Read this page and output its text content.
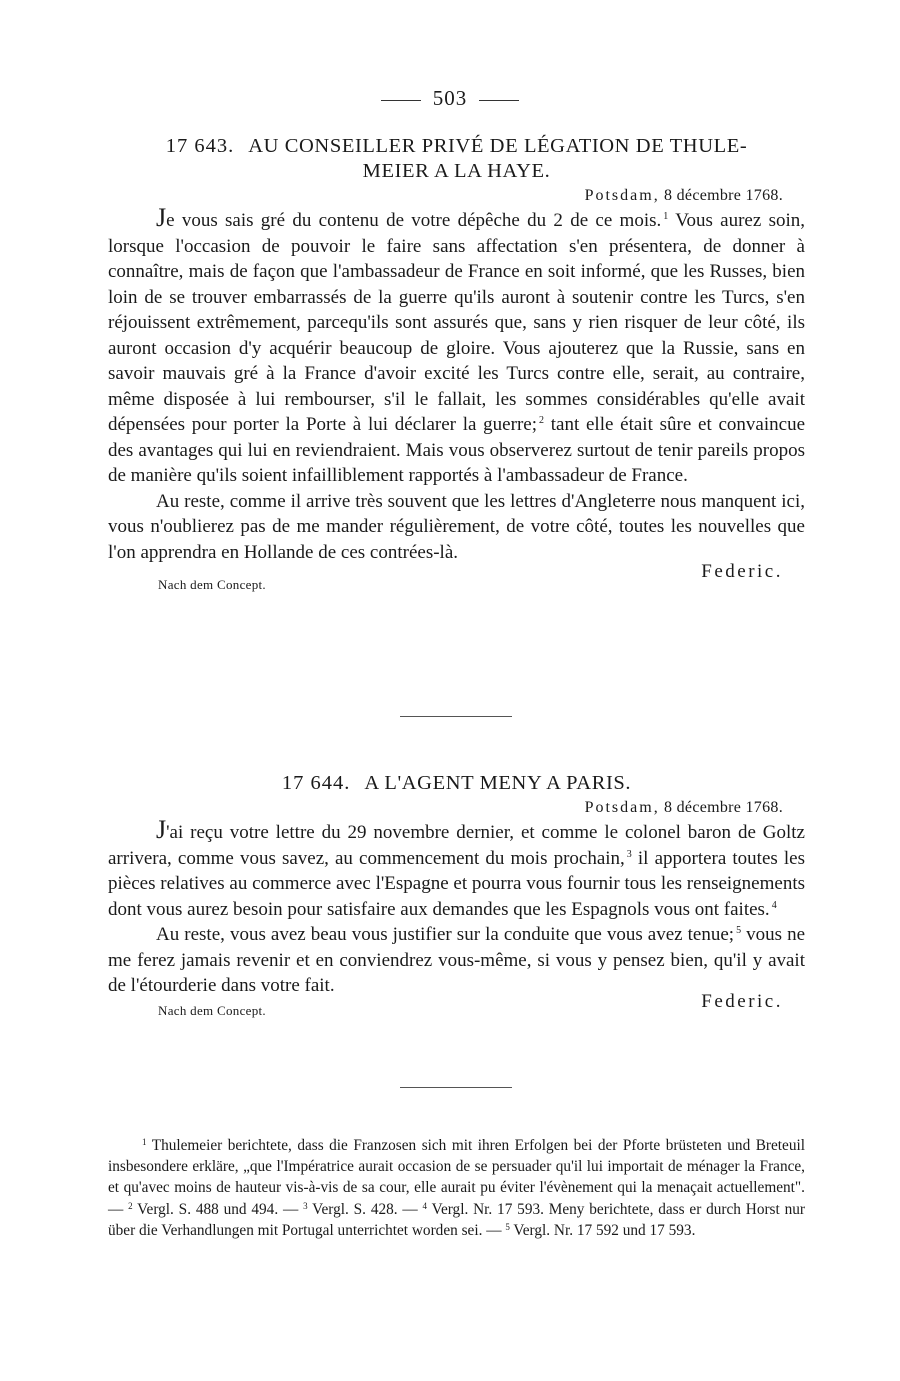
503

17 643. AU CONSEILLER PRIVÉ DE LÉGATION DE THULE-
MEIER A LA HAYE.

Potsdam, 8 décembre 1768.

Je vous sais gré du contenu de votre dépêche du 2 de ce mois. $^1$ Vous aurez soin, lorsque l'occasion de pouvoir le faire sans affectation s'en présentera, de donner à connaître, mais de façon que l'ambassadeur de France en soit informé, que les Russes, bien loin de se trouver embarrassés de la guerre qu'ils auront à soutenir contre les Turcs, s'en réjouissent extrêmement, parcequ'ils sont assurés que, sans y rien risquer de leur côté, ils auront occasion d'y acquérir beaucoup de gloire. Vous ajouterez que la Russie, sans en savoir mauvais gré à la France d'avoir excité les Turcs contre elle, serait, au contraire, même disposée à lui rembourser, s'il le fallait, les sommes considérables qu'elle avait dépensées pour porter la Porte à lui déclarer la guerre; $^2$ tant elle était sûre et convaincue des avantages qui lui en reviendraient. Mais vous observerez surtout de tenir pareils propos de manière qu'ils soient infailliblement rapportés à l'ambassadeur de France.

Au reste, comme il arrive très souvent que les lettres d'Angleterre nous manquent ici, vous n'oublierez pas de me mander régulièrement, de votre côté, toutes les nouvelles que l'on apprendra en Hollande de ces contrées-là.

Federic.
Nach dem Concept.

17 644. A L'AGENT MENY A PARIS.

Potsdam, 8 décembre 1768.

J'ai reçu votre lettre du 29 novembre dernier, et comme le colonel baron de Goltz arrivera, comme vous savez, au commencement du mois prochain, $^3$ il apportera toutes les pièces relatives au commerce avec l'Espagne et pourra vous fournir tous les renseignements dont vous aurez besoin pour satisfaire aux demandes que les Espagnols vous ont faites. $^4$

Au reste, vous avez beau vous justifier sur la conduite que vous avez tenue; $^5$ vous ne me ferez jamais revenir et en conviendrez vous-même, si vous y pensez bien, qu'il y avait de l'étourderie dans votre fait.

Federic.
Nach dem Concept.

$^1$ Thulemeier berichtete, dass die Franzosen sich mit ihren Erfolgen bei der Pforte brüsteten und Breteuil insbesondere erkläre, „que l'Impératrice aurait occasion de se persuader qu'il lui importait de ménager la France, et qu'avec moins de hauteur vis-à-vis de sa cour, elle aurait pu éviter l'évènement qui la menaçait actuellement". — $^2$ Vergl. S. 488 und 494. — $^3$ Vergl. S. 428. — $^4$ Vergl. Nr. 17 593. Meny berichtete, dass er durch Horst nur über die Verhandlungen mit Portugal unterrichtet worden sei. — $^5$ Vergl. Nr. 17 592 und 17 593.
